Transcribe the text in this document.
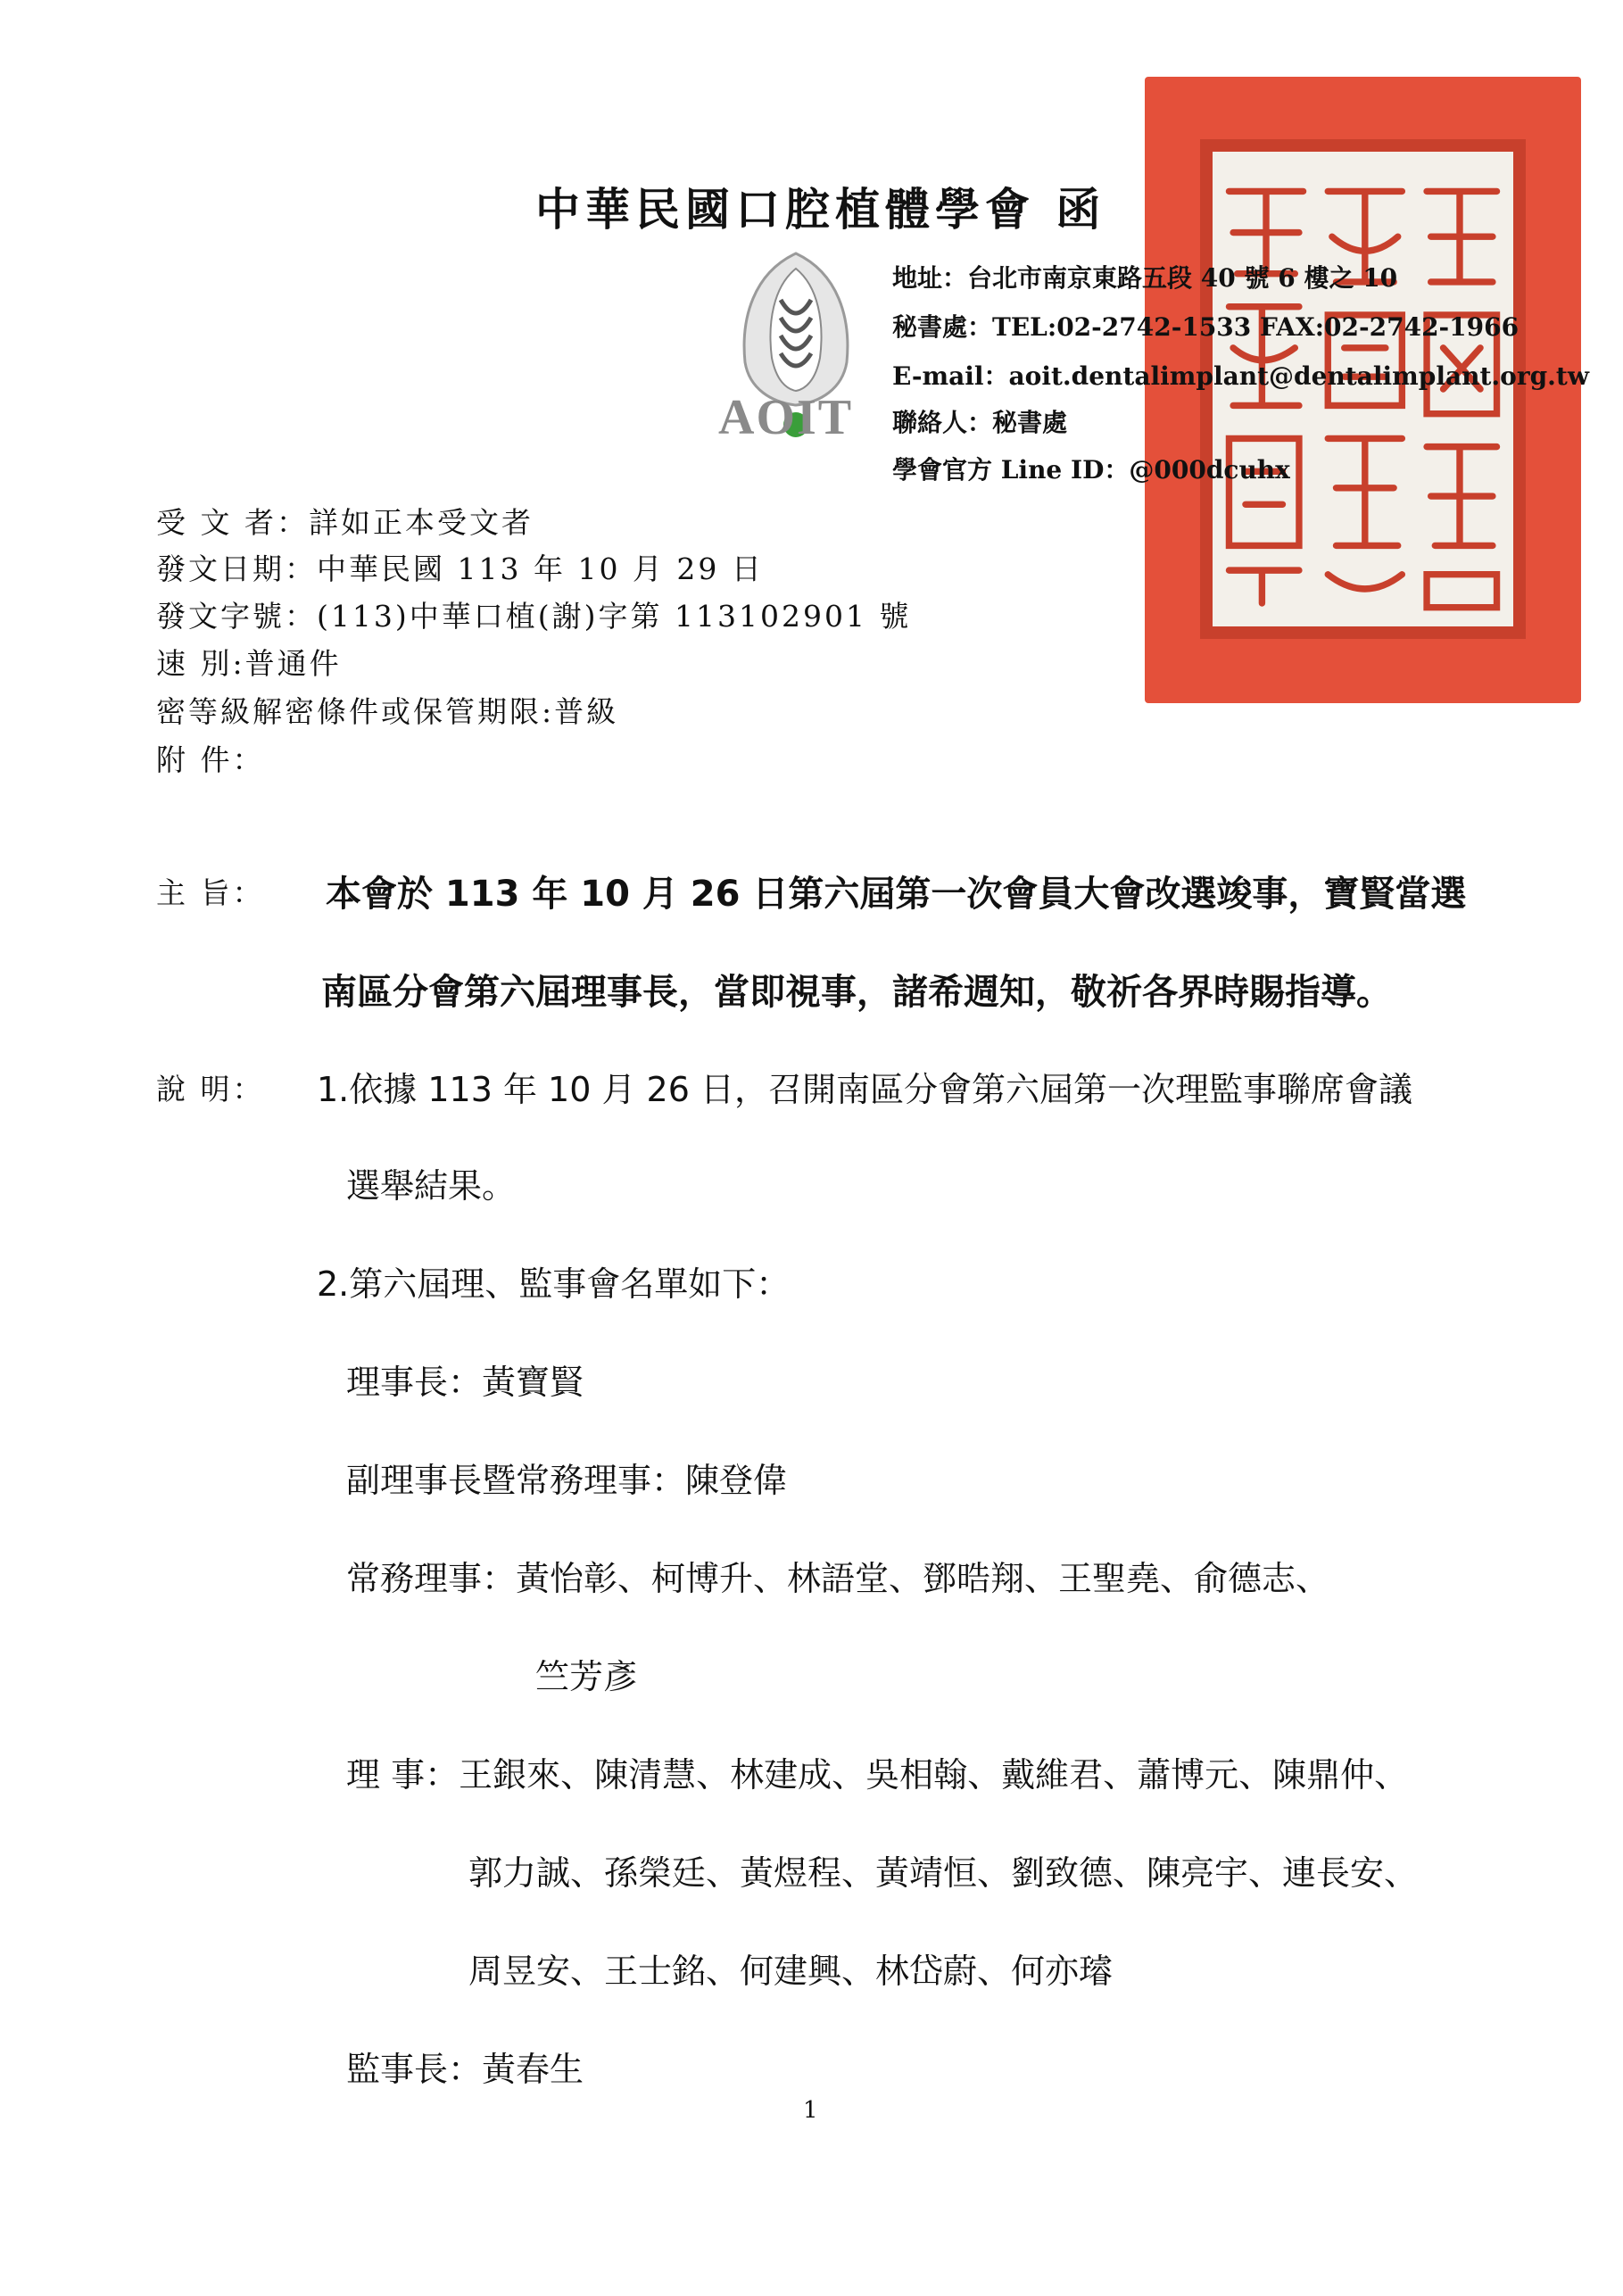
中華民國口腔植體學會 函
AOIT
地址：台北市南京東路五段 40 號 6 樓之 10
秘書處：TEL:02-2742-1533 FAX:02-2742-1966
E-mail：aoit.dentalimplant@dentalimplant.org.tw
聯絡人：秘書處
學會官方 Line ID：@000dcuhx
受 文 者：詳如正本受文者
發文日期：中華民國 113 年 10 月 29 日
發文字號：(113)中華口植(謝)字第 113102901 號
速 別:普通件
密等級解密條件或保管期限:普級
附 件：
主 旨： 本會於 113 年 10 月 26 日第六屆第一次會員大會改選竣事，寶賢當選
南區分會第六屆理事長，當即視事，諸希週知，敬祈各界時賜指導。
說 明： 1.依據 113 年 10 月 26 日，召開南區分會第六屆第一次理監事聯席會議
選舉結果。
2.第六屆理、監事會名單如下：
理事長：黃寶賢
副理事長暨常務理事：陳登偉
常務理事：黃怡彰、柯博升、林語堂、鄧晧翔、王聖堯、俞德志、
竺芳彥
理 事：王銀來、陳清慧、林建成、吳相翰、戴維君、蕭博元、陳鼎仲、
郭力誠、孫榮廷、黃煜程、黃靖恒、劉致德、陳亮宇、連長安、
周昱安、王士銘、何建興、林岱蔚、何亦璿
監事長：黃春生
1
